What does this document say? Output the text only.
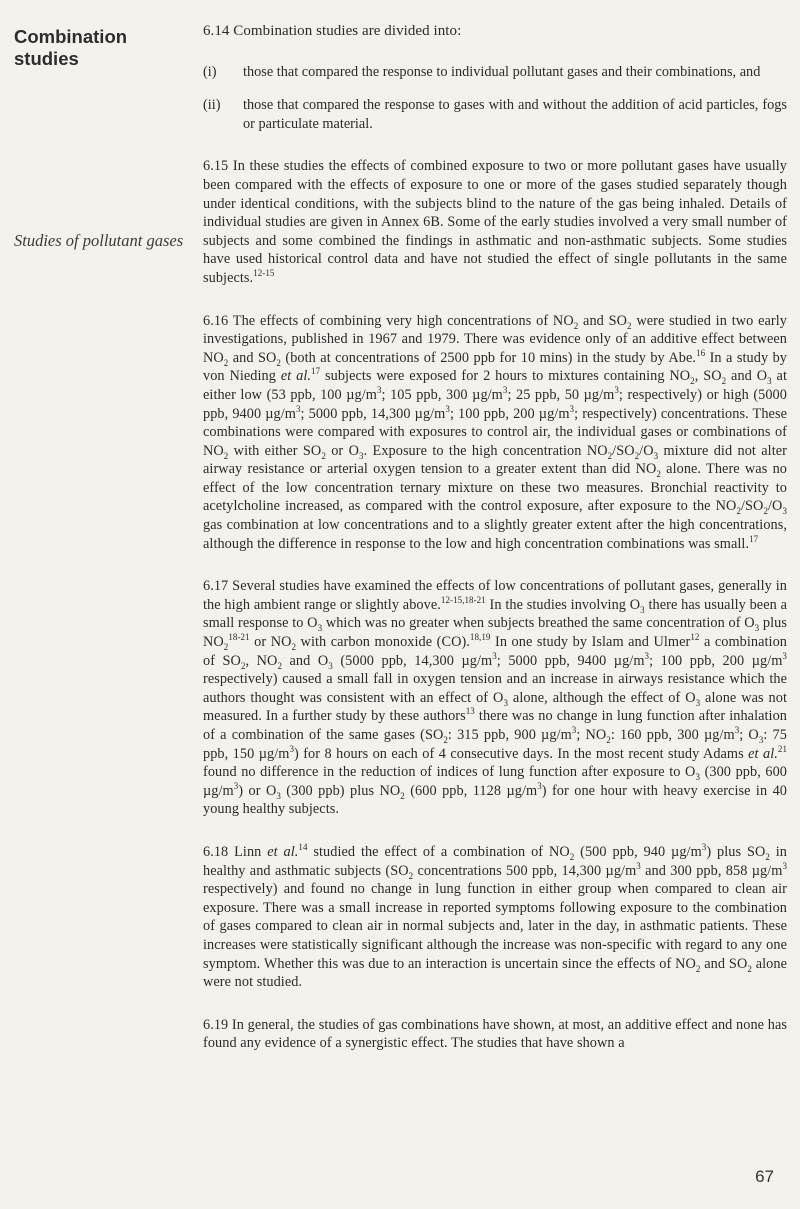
Combination studies
Studies of pollutant gases

6.14 Combination studies are divided into:

(i)	those that compared the response to individual pollutant gases and their combinations, and
(ii)	those that compared the response to gases with and without the addition of acid particles, fogs or particulate material.

6.15 In these studies the effects of combined exposure to two or more pollutant gases have usually been compared with the effects of exposure to one or more of the gases studied separately though under identical conditions, with the subjects blind to the nature of the gas being inhaled. Details of individual studies are given in Annex 6B. Some of the early studies involved a very small number of subjects and some combined the findings in asthmatic and non-asthmatic subjects. Some studies have used historical control data and have not studied the effect of single pollutants in the same subjects.$^{12-15}$

6.16 The effects of combining very high concentrations of $NO_2$ and $SO_2$ were studied in two early investigations, published in 1967 and 1979. There was evidence only of an additive effect between $NO_2$ and $SO_2$ (both at concentrations of 2500 ppb for 10 mins) in the study by Abe.$^{16}$ In a study by von Nieding et al.$^{17}$ subjects were exposed for 2 hours to mixtures containing $NO_2$, $SO_2$ and $O_3$ at either low (53 ppb, 100 $\mu g/m^3$; 105 ppb, 300 $\mu g/m^3$; 25 ppb, 50 $\mu g/m^3$; respectively) or high (5000 ppb, 9400 $\mu g/m^3$; 5000 ppb, 14,300 $\mu g/m^3$; 100 ppb, 200 $\mu g/m^3$; respectively) concentrations. These combinations were compared with exposures to control air, the individual gases or combinations of $NO_2$ with either $SO_2$ or $O_3$. Exposure to the high concentration $NO_2/SO_2/O_3$ mixture did not alter airway resistance or arterial oxygen tension to a greater extent than did $NO_2$ alone. There was no effect of the low concentration ternary mixture on these two measures. Bronchial reactivity to acetylcholine increased, as compared with the control exposure, after exposure to the $NO_2/SO_2/O_3$ gas combination at low concentrations and to a slightly greater extent after the high concentrations, although the difference in response to the low and high concentration combinations was small.$^{17}$

6.17 Several studies have examined the effects of low concentrations of pollutant gases, generally in the high ambient range or slightly above.$^{12-15,18-21}$ In the studies involving $O_3$ there has usually been a small response to $O_3$ which was no greater when subjects breathed the same concentration of $O_3$ plus $NO_2^{18-21}$ or $NO_2$ with carbon monoxide (CO).$^{18,19}$ In one study by Islam and Ulmer$^{12}$ a combination of $SO_2$, $NO_2$ and $O_3$ (5000 ppb, 14,300 $\mu g/m^3$; 5000 ppb, 9400 $\mu g/m^3$; 100 ppb, 200 $\mu g/m^3$ respectively) caused a small fall in oxygen tension and an increase in airways resistance which the authors thought was consistent with an effect of $O_3$ alone, although the effect of $O_3$ alone was not measured. In a further study by these authors$^{13}$ there was no change in lung function after inhalation of a combination of the same gases ($SO_2$: 315 ppb, 900 $\mu g/m^3$; $NO_2$: 160 ppb, 300 $\mu g/m^3$; $O_3$: 75 ppb, 150 $\mu g/m^3$) for 8 hours on each of 4 consecutive days. In the most recent study Adams et al.$^{21}$ found no difference in the reduction of indices of lung function after exposure to $O_3$ (300 ppb, 600 $\mu g/m^3$) or $O_3$ (300 ppb) plus $NO_2$ (600 ppb, 1128 $\mu g/m^3$) for one hour with heavy exercise in 40 young healthy subjects.

6.18 Linn et al.$^{14}$ studied the effect of a combination of $NO_2$ (500 ppb, 940 $\mu g/m^3$) plus $SO_2$ in healthy and asthmatic subjects ($SO_2$ concentrations 500 ppb, 14,300 $\mu g/m^3$ and 300 ppb, 858 $\mu g/m^3$ respectively) and found no change in lung function in either group when compared to clean air exposure. There was a small increase in reported symptoms following exposure to the combination of gases compared to clean air in normal subjects and, later in the day, in asthmatic patients. These increases were statistically significant although the increase was non-specific with regard to any one symptom. Whether this was due to an interaction is uncertain since the effects of $NO_2$ and $SO_2$ alone were not studied.

6.19 In general, the studies of gas combinations have shown, at most, an additive effect and none has found any evidence of a synergistic effect. The studies that have shown a

67
